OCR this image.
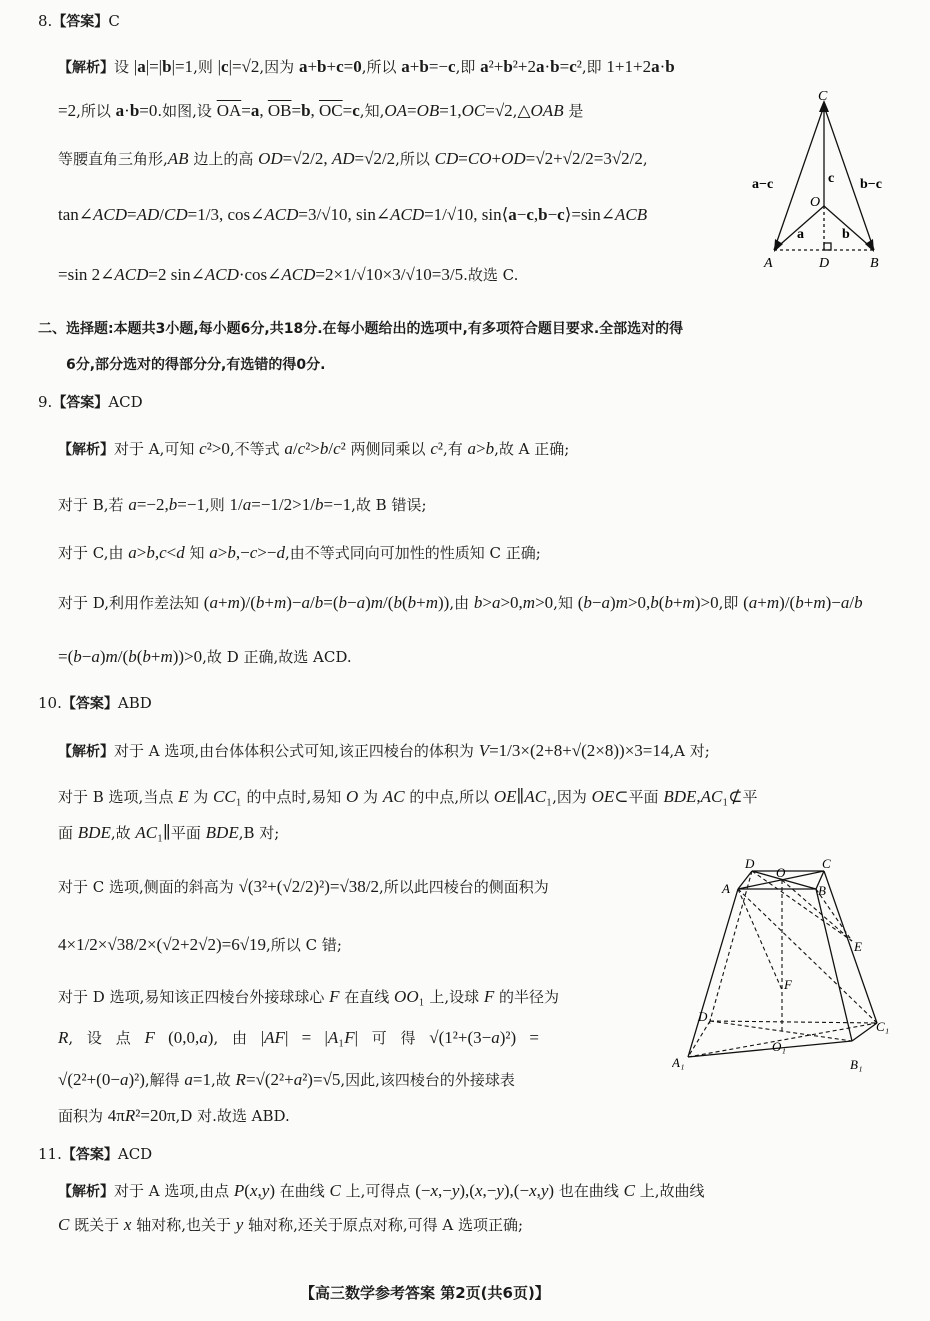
8.【答案】C
【解析】设 |a|=|b|=1,则 |c|=√2,因为 a+b+c=0,所以 a+b=−c,即 a²+b²+2a·b=c²,即 1+1+2a·b
=2,所以 a·b=0.如图,设 $\overline{OA}=a$, $\overline{OB}=b$, $\overline{OC}=c$,知,OA=OB=1,OC=√2,△OAB 是
等腰直角三角形,AB 边上的高 OD=√2/2, AD=√2/2,所以 CD=CO+OD=√2+√2/2=3√2/2,
tan∠ACD=AD/CD=1/3, cos∠ACD=3/√10, sin∠ACD=1/√10, sin⟨a−c,b−c⟩=sin∠ACB
=sin 2∠ACD=2 sin∠ACD·cos∠ACD=2×1/√10×3/√10=3/5.故选 C.
C
O
A	D	B
a−c	b−c
c
a	b
二、选择题:本题共3小题,每小题6分,共18分.在每小题给出的选项中,有多项符合题目要求.全部选对的得
6分,部分选对的得部分分,有选错的得0分.
9.【答案】ACD
【解析】对于 A,可知 c²>0,不等式 a/c²>b/c² 两侧同乘以 c²,有 a>b,故 A 正确;
对于 B,若 a=−2,b=−1,则 1/a=−1/2>1/b=−1,故 B 错误;
对于 C,由 a>b,c<d 知 a>b,−c>−d,由不等式同向可加性的性质知 C 正确;
对于 D,利用作差法知 (a+m)/(b+m)−a/b=(b−a)m/(b(b+m)),由 b>a>0,m>0,知 (b−a)m>0,b(b+m)>0,即 (a+m)/(b+m)−a/b
=(b−a)m/(b(b+m))>0,故 D 正确,故选 ACD.
10.【答案】ABD
【解析】对于 A 选项,由台体体积公式可知,该正四棱台的体积为 V=1/3×(2+8+√(2×8))×3=14,A 对;
对于 B 选项,当点 E 为 CC₁ 的中点时,易知 O 为 AC 的中点,所以 OE∥AC₁,因为 OE⊂平面 BDE,AC₁⊄平
面 BDE,故 AC₁∥平面 BDE,B 对;
对于 C 选项,侧面的斜高为 √(3²+(√2/2)²)=√38/2,所以此四棱台的侧面积为
4×1/2×√38/2×(√2+2√2)=6√19,所以 C 错;
对于 D 选项,易知该正四棱台外接球球心 F 在直线 OO₁ 上,设球 F 的半径为
R, 设 点 F (0,0,a), 由 |AF| = |A₁F| 可 得 √(1²+(3−a)²) =
√(2²+(0−a)²),解得 a=1,故 R=√(2²+a²)=√5,因此,该四棱台的外接球表
面积为 4πR²=20π,D 对.故选 ABD.
D
O
C
A	B
E
F
D₁
C₁
O₁
A₁	B₁
11.【答案】ACD
【解析】对于 A 选项,由点 P(x,y) 在曲线 C 上,可得点 (−x,−y),(x,−y),(−x,y) 也在曲线 C 上,故曲线
C 既关于 x 轴对称,也关于 y 轴对称,还关于原点对称,可得 A 选项正确;
【高三数学参考答案 第2页(共6页)】
